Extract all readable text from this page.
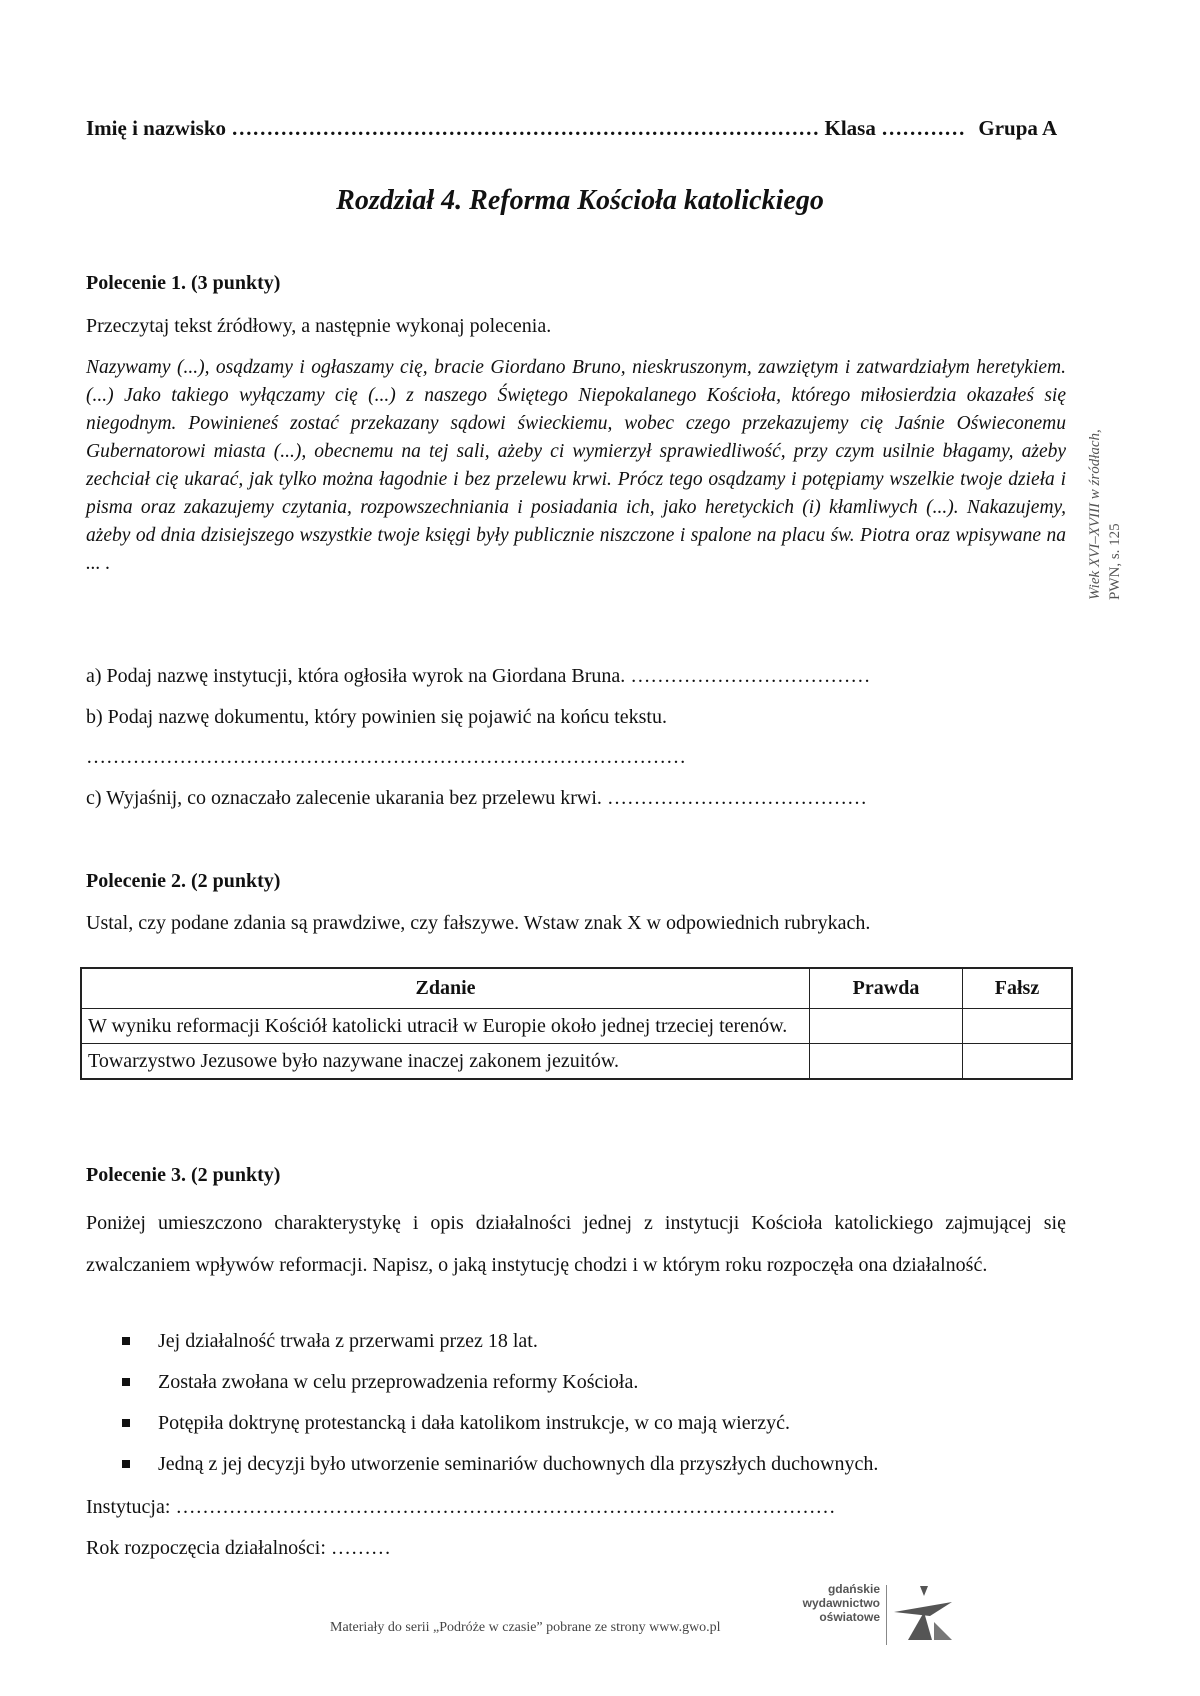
Imię i nazwisko ………………………………………………………………………… Klasa ………… Grupa A
Rozdział 4. Reforma Kościoła katolickiego
Polecenie 1. (3 punkty)
Przeczytaj tekst źródłowy, a następnie wykonaj polecenia.
Nazywamy (...), osądzamy i ogłaszamy cię, bracie Giordano Bruno, nieskruszonym, zawziętym i zatwardziałym heretykiem. (...) Jako takiego wyłączamy cię (...) z naszego Świętego Niepokalanego Kościoła, którego miłosierdzia okazałeś się niegodnym. Powinieneś zostać przekazany sądowi świeckiemu, wobec czego przekazujemy cię Jaśnie Oświeconemu Gubernatorowi miasta (...), obecnemu na tej sali, ażeby ci wymierzył sprawiedliwość, przy czym usilnie błagamy, ażeby zechciał cię ukarać, jak tylko można łagodnie i bez przelewu krwi. Prócz tego osądzamy i potępiamy wszelkie twoje dzieła i pisma oraz zakazujemy czytania, rozpowszechniania i posiadania ich, jako heretyckich (i) kłamliwych (...). Nakazujemy, ażeby od dnia dzisiejszego wszystkie twoje księgi były publicznie niszczone i spalone na placu św. Piotra oraz wpisywane na ... .	Wiek XVI–XVIII w źródłach, PWN, s. 125
a) Podaj nazwę instytucji, która ogłosiła wyrok na Giordana Bruna. ………………………………
b) Podaj nazwę dokumentu, który powinien się pojawić na końcu tekstu.
………………………………………………………………………………
c) Wyjaśnij, co oznaczało zalecenie ukarania bez przelewu krwi. …………………………………
Polecenie 2. (2 punkty)
Ustal, czy podane zdania są prawdziwe, czy fałszywe. Wstaw znak X w odpowiednich rubrykach.
Zdanie	Prawda	Fałsz
W wyniku reformacji Kościół katolicki utracił w Europie około jednej trzeciej terenów.		
Towarzystwo Jezusowe było nazywane inaczej zakonem jezuitów.		
Polecenie 3. (2 punkty)
Poniżej umieszczono charakterystykę i opis działalności jednej z instytucji Kościoła katolickiego zajmującej się zwalczaniem wpływów reformacji. Napisz, o jaką instytucję chodzi i w którym roku rozpoczęła ona działalność.
Jej działalność trwała z przerwami przez 18 lat.
Została zwołana w celu przeprowadzenia reformy Kościoła.
Potępiła doktrynę protestancką i dała katolikom instrukcje, w co mają wierzyć.
Jedną z jej decyzji było utworzenie seminariów duchownych dla przyszłych duchownych.
Instytucja: ………………………………………………………………………………………
Rok rozpoczęcia działalności: ………
Materiały do serii „Podróże w czasie” pobrane ze strony www.gwo.pl
gdańskie
wydawnictwo
oświatowe
